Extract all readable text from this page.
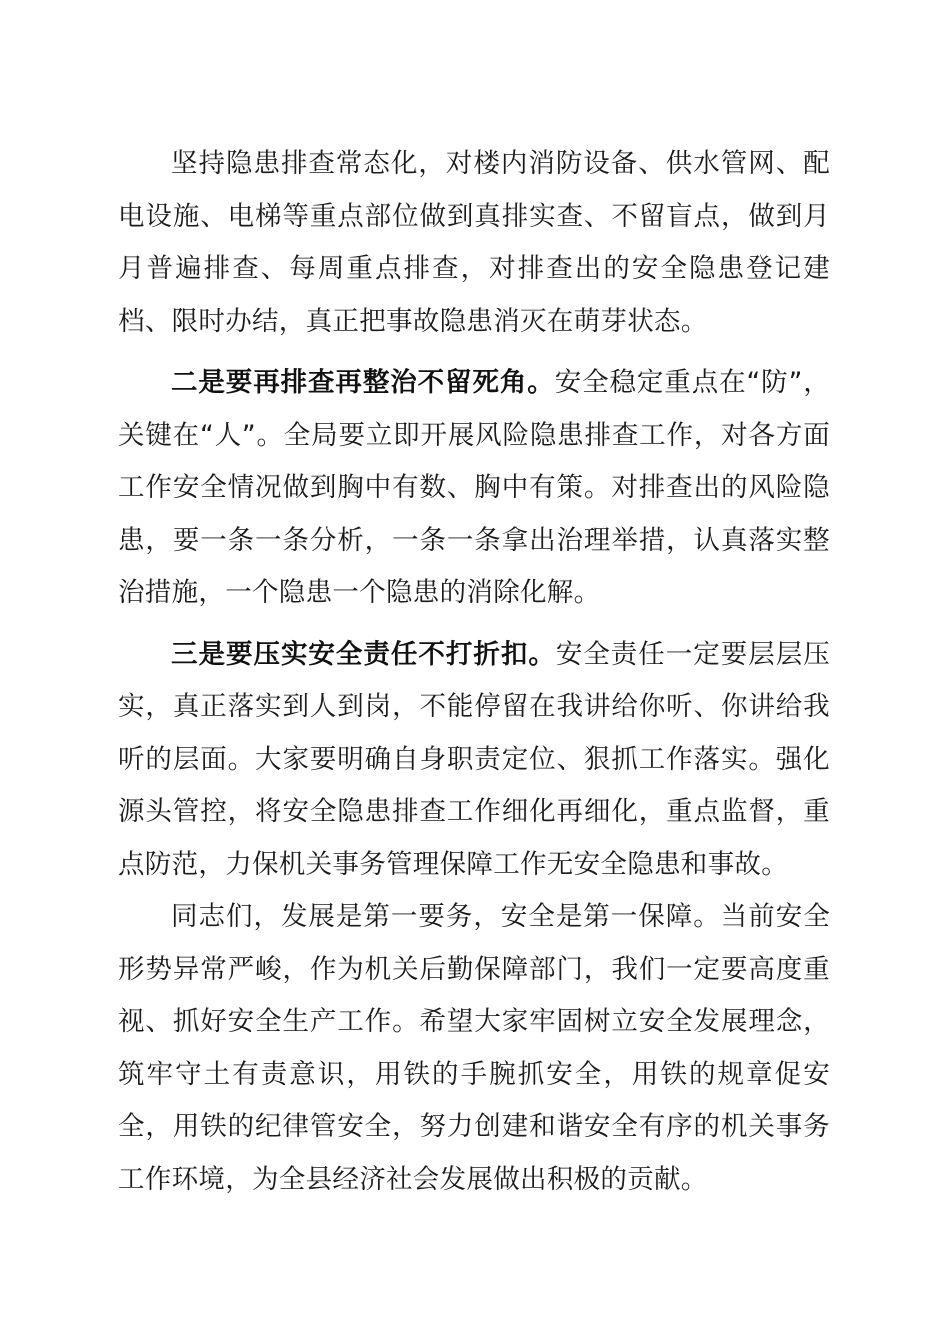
坚持隐患排查常态化，对楼内消防设备、供水管网、配电设施、电梯等重点部位做到真排实查、不留盲点，做到月月普遍排查、每周重点排查，对排查出的安全隐患登记建档、限时办结，真正把事故隐患消灭在萌芽状态。

二是要再排查再整治不留死角。安全稳定重点在“防”，关键在“人”。全局要立即开展风险隐患排查工作，对各方面工作安全情况做到胸中有数、胸中有策。对排查出的风险隐患，要一条一条分析，一条一条拿出治理举措，认真落实整治措施，一个隐患一个隐患的消除化解。

三是要压实安全责任不打折扣。安全责任一定要层层压实，真正落实到人到岗，不能停留在我讲给你听、你讲给我听的层面。大家要明确自身职责定位、狠抓工作落实。强化源头管控，将安全隐患排查工作细化再细化，重点监督，重点防范，力保机关事务管理保障工作无安全隐患和事故。

同志们，发展是第一要务，安全是第一保障。当前安全形势异常严峻，作为机关后勤保障部门，我们一定要高度重视、抓好安全生产工作。希望大家牢固树立安全发展理念，筑牢守土有责意识，用铁的手腕抓安全，用铁的规章促安全，用铁的纪律管安全，努力创建和谐安全有序的机关事务工作环境，为全县经济社会发展做出积极的贡献。
